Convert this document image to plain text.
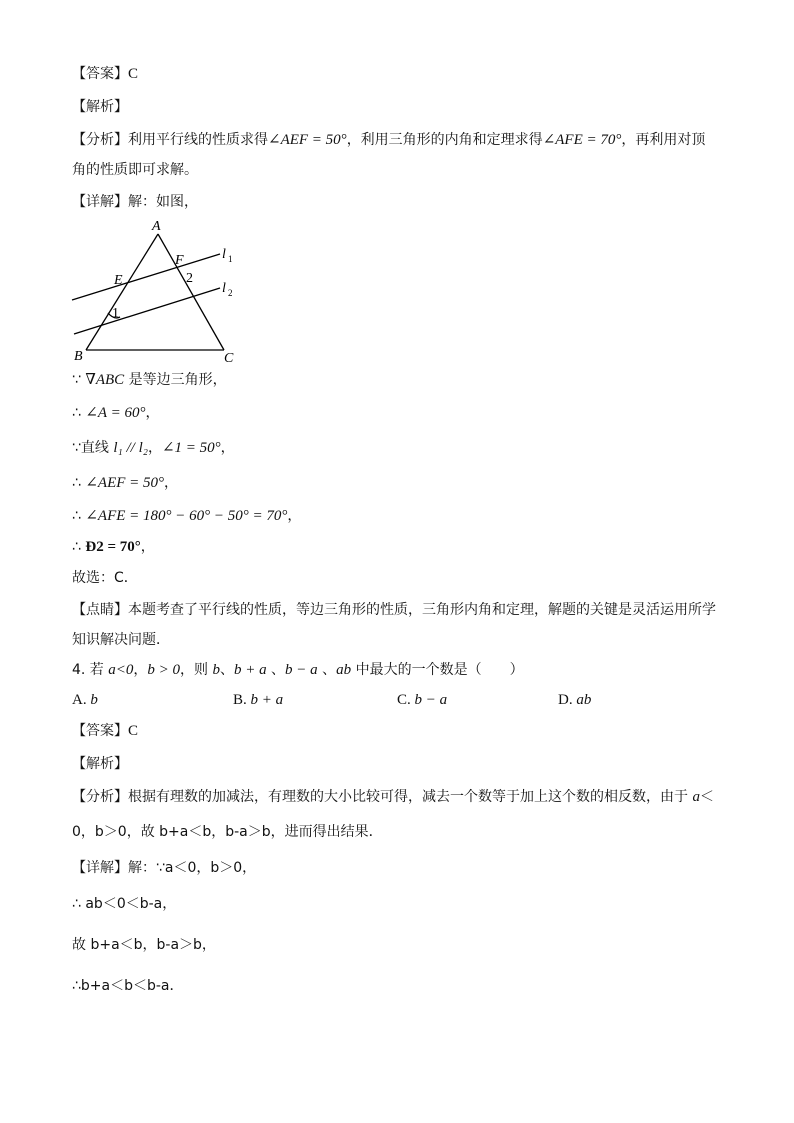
【答案】C
【解析】
【分析】利用平行线的性质求得∠AEF = 50°，利用三角形的内角和定理求得∠AFE = 70°，再利用对顶
角的性质即可求解。
【详解】解：如图，
A
E
F
2
1
B	C
l 1
l 2
∵ ∇ABC 是等边三角形，
∴ ∠A = 60°，
∵直线 l₁ // l₂，∠1 = 50°，
∴ ∠AEF = 50°，
∴ ∠AFE = 180° − 60° − 50° = 70°，
∴ Ð2 = 70°，
故选：C．
【点睛】本题考查了平行线的性质，等边三角形的性质，三角形内角和定理，解题的关键是灵活运用所学
知识解决问题．
4. 若 a<0，b > 0，则 b、b + a 、b − a 、ab 中最大的一个数是（　　）
A. b	B. b + a	C. b − a	D. ab
【答案】C
【解析】
【分析】根据有理数的加减法，有理数的大小比较可得，减去一个数等于加上这个数的相反数，由于 a＜
0，b＞0，故 b+a＜b，b-a＞b，进而得出结果．
【详解】解：∵a＜0，b＞0，
∴ ab＜0＜b-a，
故 b+a＜b，b-a＞b，
∴b+a＜b＜b-a．
